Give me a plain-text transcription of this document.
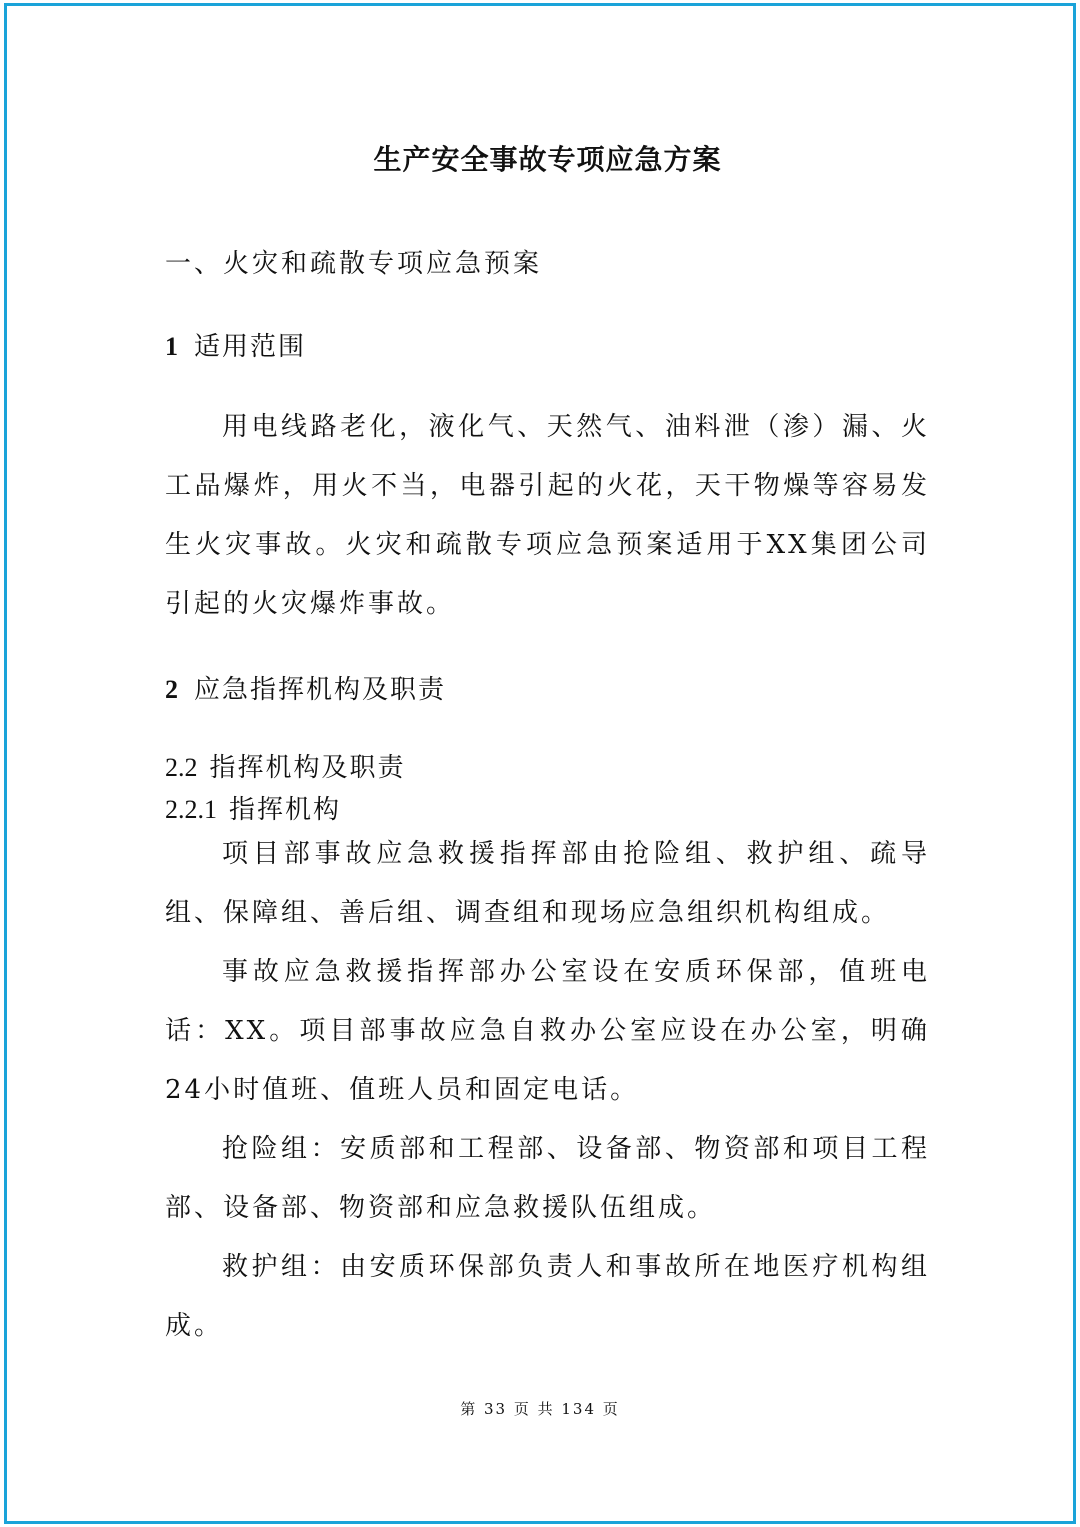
生产安全事故专项应急方案
一、火灾和疏散专项应急预案
1 适用范围

用电线路老化，液化气、天然气、油料泄（渗）漏、火工品爆炸，用火不当，电器引起的火花，天干物燥等容易发生火灾事故。火灾和疏散专项应急预案适用于XX集团公司引起的火灾爆炸事故。

2 应急指挥机构及职责
2.2 指挥机构及职责
2.2.1 指挥机构

项目部事故应急救援指挥部由抢险组、救护组、疏导组、保障组、善后组、调查组和现场应急组织机构组成。

事故应急救援指挥部办公室设在安质环保部，值班电话：XX。项目部事故应急自救办公室应设在办公室，明确24小时值班、值班人员和固定电话。

抢险组：安质部和工程部、设备部、物资部和项目工程部、设备部、物资部和应急救援队伍组成。

救护组：由安质环保部负责人和事故所在地医疗机构组成。

第 33 页 共 134 页
